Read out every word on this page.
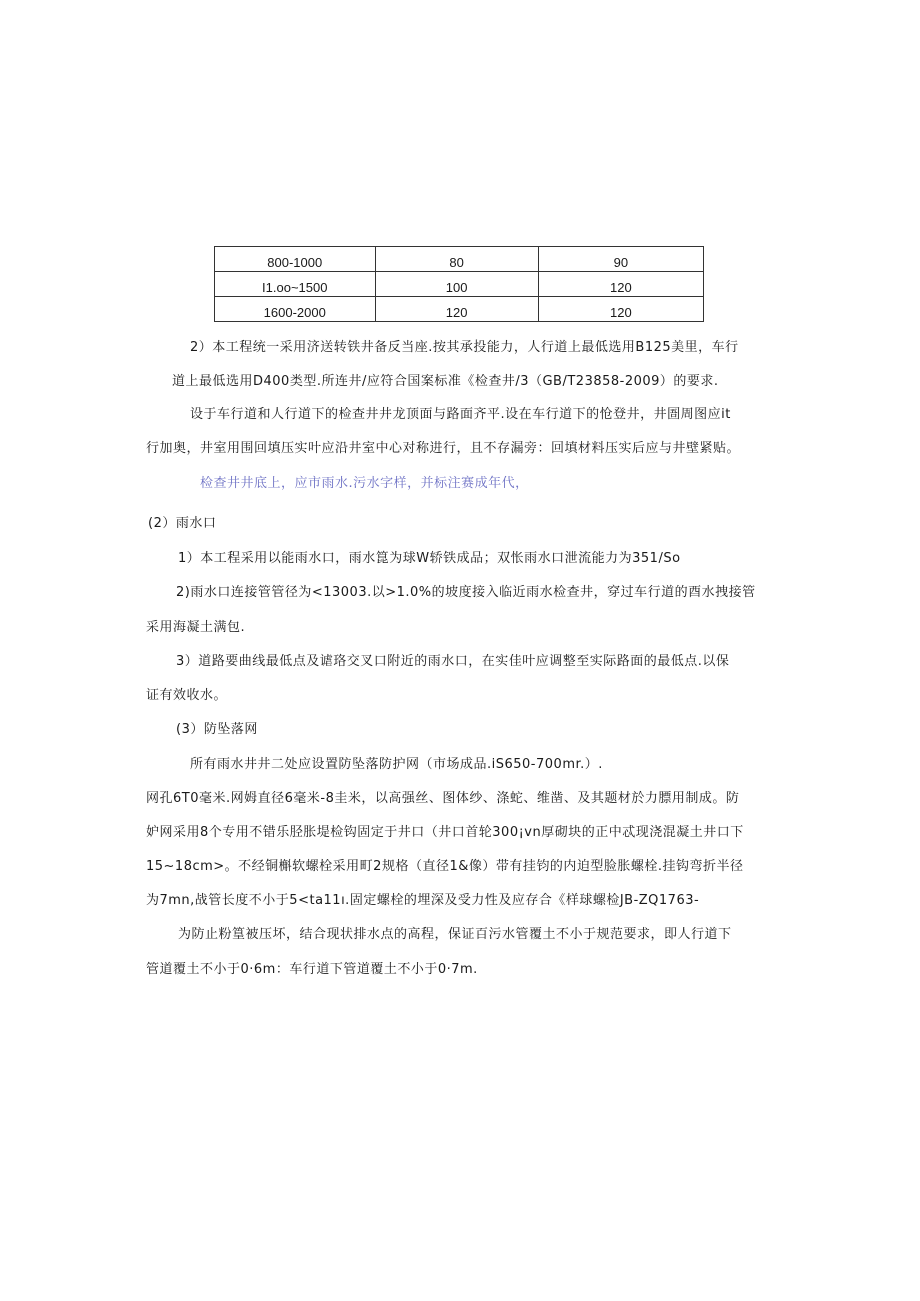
800-1000	80	90
I1.oo~1500	100	120
1600-2000	120	120
2）本工程统一采用济送转铁井备反当座.按其承投能力，人行道上最低选用B125美里，车行
道上最低选用D400类型.所连井/应符合国案标准《检查井/3（GB/T23858-2009）的要求.
设于车行道和人行道下的检查井井龙顶面与路面齐平.设在车行道下的怆登井，井圄周图应it
行加奥，井室用围回填压实叶应沿井室中心对称进行，且不存漏旁：回填材料压实后应与井壁紧贴。
检查井井底上，应市雨水.污水字样，并标注赛成年代，
(2）雨水口
1）本工程采用以能雨水口，雨水箟为球W轿铁成品；双怅雨水口泄流能力为351/So
2)雨水口连接管管径为<13003.以>1.0%的坡度接入临近雨水检查井，穿过车行道的酉水拽接管
采用海凝土满包.
3）道路要曲线最低点及谑珞交叉口附近的雨水口，在实佳叶应调整至实际路面的最低点.以保
证有效收水。
(3）防坠落网
所有雨水井井二处应设置防坠落防护网（市场成品.iS650-700mr.）.
网孔6T0毫米.网姆直径6毫米-8圭米，以高强丝、图体纱、涤蛇、维凿、及其题材於力膘用制成。防
妒网采用8个专用不错乐胫胀堤检钩固定于井口（井口首轮300¡vn厚砌块的正中忒现浇混凝土井口下
15~18cm>。不经铜槲软螺栓采用町2规格（直径1&像）带有挂钧的内迫型脸胀螺栓.挂钩弯折半径
为7mn,战管长度不小于5<ta11ı.固定螺栓的埋深及受力性及应存合《样球螺检JB-ZQ1763-
为防止粉篁被压坏，结合现状排水点的高程，保证百污水管覆土不小于规范要求，即人行道下
管道覆土不小于0·6m：车行道下管道覆土不小于0·7m.
